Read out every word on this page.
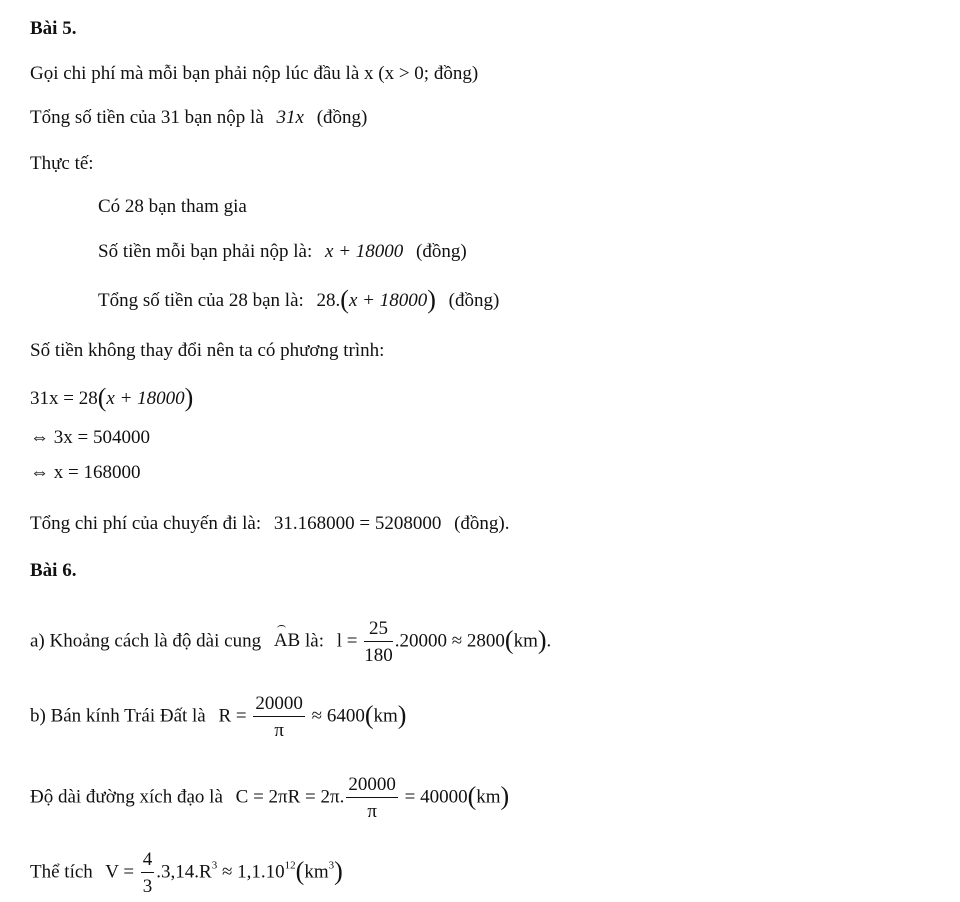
Bài 5.
Gọi chi phí mà mỗi bạn phải nộp lúc đầu là x (x > 0; đồng)
Tổng số tiền của 31 bạn nộp là 31x (đồng)
Thực tế:
Có 28 bạn tham gia
Số tiền mỗi bạn phải nộp là: x + 18000 (đồng)
Tổng số tiền của 28 bạn là: 28.(x + 18000) (đồng)
Số tiền không thay đổi nên ta có phương trình:
31x = 28(x + 18000)
⇔ 3x = 504000
⇔ x = 168000
Tổng chi phí của chuyến đi là: 31.168000 = 5208000 (đồng).
Bài 6.
a) Khoảng cách là độ dài cung AB là: $l = \frac{25}{180} .20000 \approx 2800(km)$.
b) Bán kính Trái Đất là $R = \frac{20000}{\pi} \approx 6400(km)$
Độ dài đường xích đạo là C = 2πR = 2π. $\frac{20000}{\pi} = 40000(km)$
Thể tích $V = \frac{4}{3} .3,14.R^3 \approx 1,1.10^{12}(km^3)$
